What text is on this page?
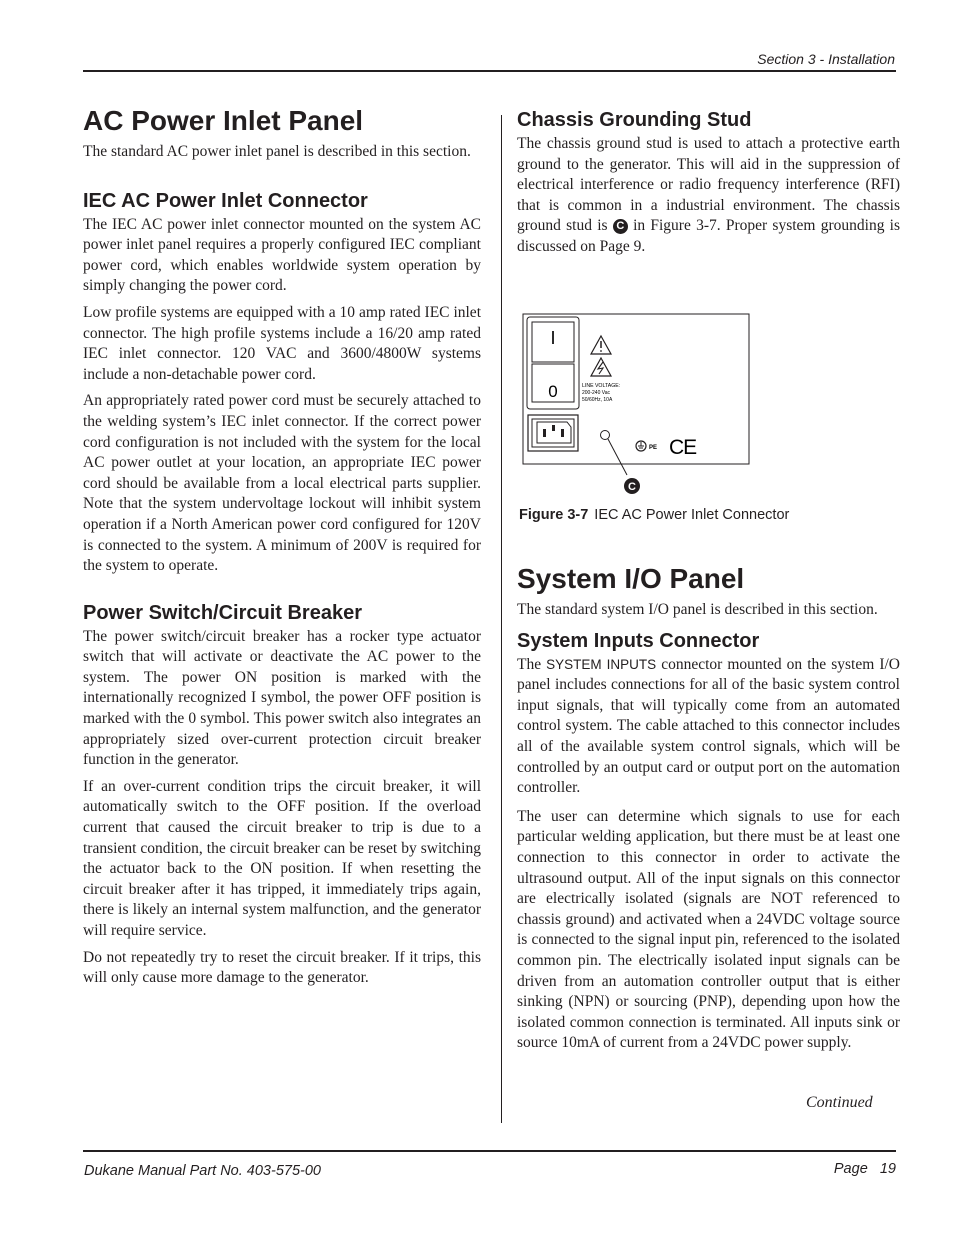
Section 3 - Installation
AC Power Inlet Panel

The standard AC power inlet panel is described in this section.

IEC AC Power Inlet Connector

The IEC AC power inlet connector mounted on the system AC power inlet panel requires a properly configured IEC compliant power cord, which enables worldwide system operation by simply changing the power cord.

Low profile systems are equipped with a 10 amp rated IEC inlet connector. The high profile systems include a 16/20 amp rated IEC inlet connector. 120 VAC and 3600/4800W systems include a non-detachable power cord.

An appropriately rated power cord must be securely attached to the welding system’s IEC inlet connector. If the correct power cord configuration is not included with the system for the local AC power outlet at your location, an appropriate IEC power cord should be available from a local electrical parts supplier. Note that the system undervoltage lockout will inhibit system operation if a North American power cord configured for 120V is connected to the system. A minimum of 200V is required for the system to operate.

Power Switch/Circuit Breaker

The power switch/circuit breaker has a rocker type actuator switch that will activate or deactivate the AC power to the system. The power ON position is marked with the internationally recognized I symbol, the power OFF position is marked with the 0 symbol. This power switch also integrates an appropriately sized over-current protection circuit breaker function in the generator.

If an over-current condition trips the circuit breaker, it will automatically switch to the OFF position. If the overload current that caused the circuit breaker to trip is due to a transient condition, the circuit breaker can be reset by switching the actuator back to the ON position. If when resetting the circuit breaker after it has tripped, it immediately trips again, there is likely an internal system malfunction, and the generator will require service.

Do not repeatedly try to reset the circuit breaker. If it trips, this will only cause more damage to the generator.

Chassis Grounding Stud

The chassis ground stud is used to attach a protective earth ground to the generator. This will aid in the suppression of electrical interference or radio frequency interference (RFI) that is common in a industrial environment. The chassis ground stud is C in Figure 3-7. Proper system grounding is discussed on Page 9.

I
0	LINE VOLTAGE:
200-240 Vac
50/60Hz, 10A
PE CE
C
Figure 3-7 IEC AC Power Inlet Connector
System I/O Panel

The standard system I/O panel is described in this section.

System Inputs Connector

The SYSTEM INPUTS connector mounted on the system I/O panel includes connections for all of the basic system control input signals, that will typically come from an automated control system. The cable attached to this connector includes all of the available system control signals, which will be controlled by an output card or output port on the automation controller.

The user can determine which signals to use for each particular welding application, but there must be at least one connection to this connector in order to activate the ultrasound output. All of the input signals on this connector are electrically isolated (signals are NOT referenced to chassis ground) and activated when a 24VDC voltage source is connected to the signal input pin, referenced to the isolated common pin. The electrically isolated input signals can be driven from an automation controller output that is either sinking (NPN) or sourcing (PNP), depending upon how the isolated common connection is terminated. All inputs sink or source 10mA of current from a 24VDC power supply.

Continued
Dukane Manual Part No. 403-575-00	Page 19
